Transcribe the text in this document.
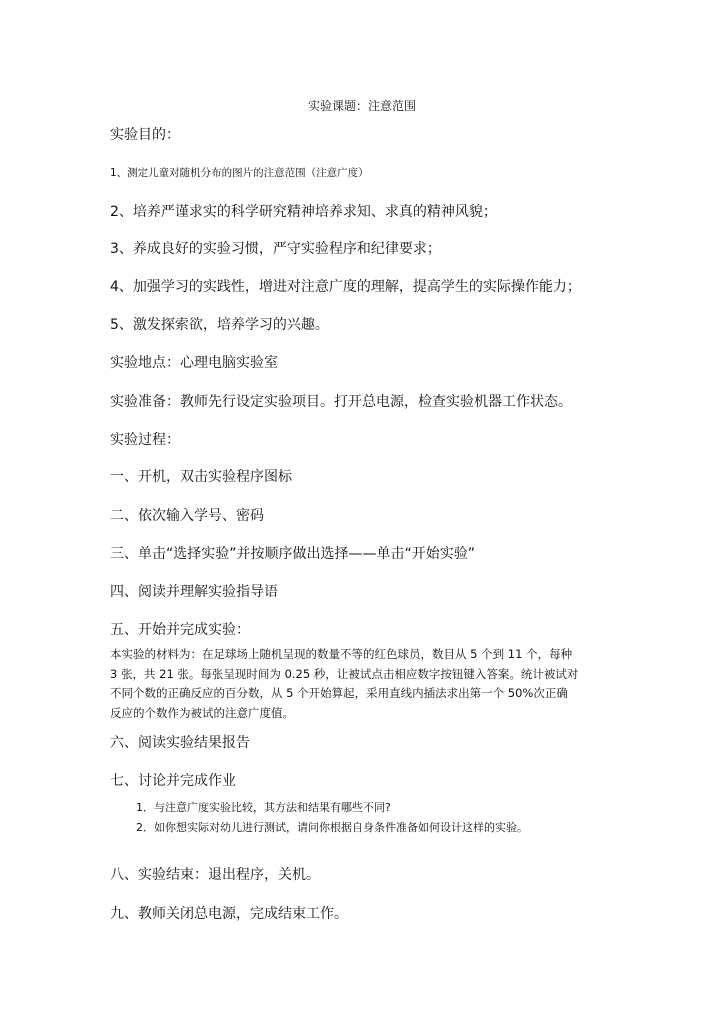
实验课题：注意范围

实验目的：

1、测定儿童对随机分布的图片的注意范围（注意广度）

2、培养严谨求实的科学研究精神培养求知、求真的精神风貌；

3、养成良好的实验习惯，严守实验程序和纪律要求；

4、加强学习的实践性，增进对注意广度的理解，提高学生的实际操作能力；

5、激发探索欲，培养学习的兴趣。

实验地点：心理电脑实验室

实验准备：教师先行设定实验项目。打开总电源，检查实验机器工作状态。

实验过程：

一、开机，双击实验程序图标

二、依次输入学号、密码

三、单击“选择实验”并按顺序做出选择——单击“开始实验”

四、阅读并理解实验指导语

五、开始并完成实验：

本实验的材料为：在足球场上随机呈现的数量不等的红色球员，数目从 5 个到 11 个，每种
3 张，共 21 张。每张呈现时间为 0.25 秒，让被试点击相应数字按钮键入答案。统计被试对
不同个数的正确反应的百分数，从 5 个开始算起，采用直线内插法求出第一个 50%次正确
反应的个数作为被试的注意广度值。

六、阅读实验结果报告

七、讨论并完成作业

1．与注意广度实验比较，其方法和结果有哪些不同?

2．如你想实际对幼儿进行测试，请问你根据自身条件准备如何设计这样的实验。

八、实验结束：退出程序，关机。

九、教师关闭总电源，完成结束工作。
